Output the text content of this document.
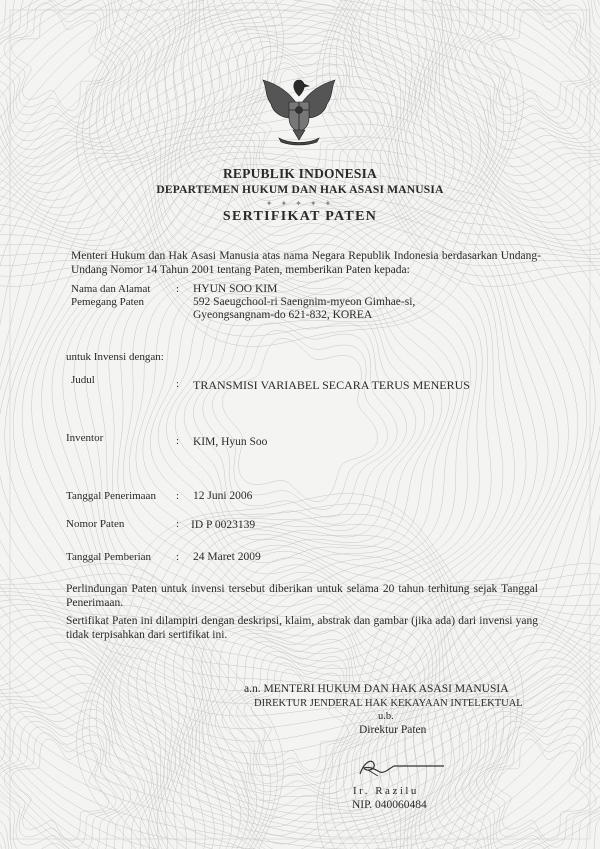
REPUBLIK INDONESIA
DEPARTEMEN HUKUM DAN HAK ASASI MANUSIA
✦ ✦ ✦ ✦ ✦
SERTIFIKAT PATEN
Menteri Hukum dan Hak Asasi Manusia atas nama Negara Republik Indonesia berdasarkan Undang-Undang Nomor 14 Tahun 2001 tentang Paten, memberikan Paten kepada:
Nama dan Alamat
Pemegang Paten
: HYUN SOO KIM
592 Saeugchool-ri Saengnim-myeon Gimhae-si,
Gyeongsangnam-do 621-832, KOREA
untuk Invensi dengan:
Judul	: TRANSMISI VARIABEL SECARA TERUS MENERUS
Inventor	: KIM, Hyun Soo
Tanggal Penerimaan : 12 Juni 2006
Nomor Paten	: ID P 0023139
Tanggal Pemberian : 24 Maret 2009
Perlindungan Paten untuk invensi tersebut diberikan untuk selama 20 tahun terhitung sejak Tanggal Penerimaan.
Sertifikat Paten ini dilampiri dengan deskripsi, klaim, abstrak dan gambar (jika ada) dari invensi yang tidak terpisahkan dari sertifikat ini.
a.n. MENTERI HUKUM DAN HAK ASASI MANUSIA
DIREKTUR JENDERAL HAK KEKAYAAN INTELEKTUAL
u.b.
Direktur Paten
Ir. Razilu
NIP. 040060484
